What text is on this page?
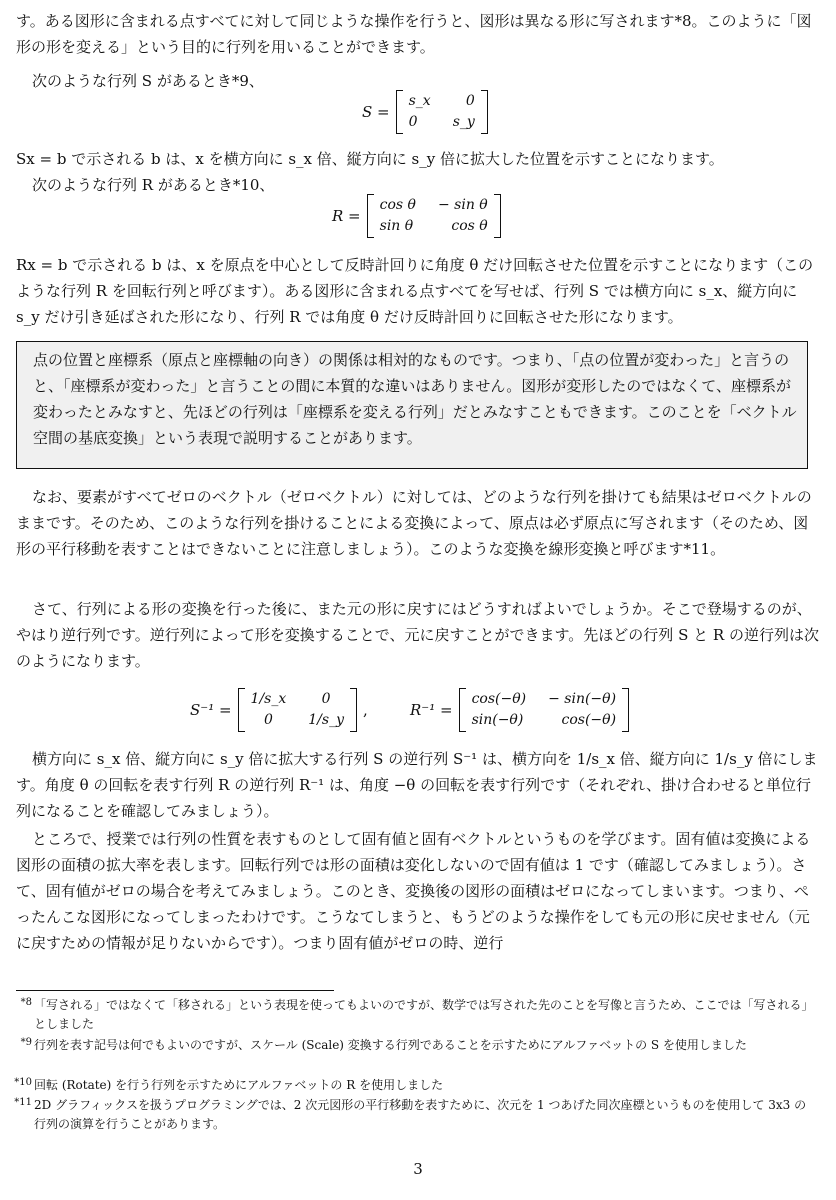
す。ある図形に含まれる点すべてに対して同じような操作を行うと、図形は異なる形に写されます*8。このように「図形の形を変える」という目的に行列を用いることができます。

次のような行列 S があるとき*9、

S =
s_x	0
0	s_y

Sx = b で示される b は、x を横方向に s_x 倍、縦方向に s_y 倍に拡大した位置を示すことになります。

次のような行列 R があるとき*10、

R =
cos θ − sin θ
sin θ	cos θ

Rx = b で示される b は、x を原点を中心として反時計回りに角度 θ だけ回転させた位置を示すことになります（このような行列 R を回転行列と呼びます）。ある図形に含まれる点すべてを写せば、行列 S では横方向に s_x、縦方向に s_y だけ引き延ばされた形になり、行列 R では角度 θ だけ反時計回りに回転させた形になります。

点の位置と座標系（原点と座標軸の向き）の関係は相対的なものです。つまり、「点の位置が変わった」と言うのと、「座標系が変わった」と言うことの間に本質的な違いはありません。図形が変形したのではなくて、座標系が変わったとみなすと、先ほどの行列は「座標系を変える行列」だとみなすこともできます。このことを「ベクトル空間の基底変換」という表現で説明することがあります。

なお、要素がすべてゼロのベクトル（ゼロベクトル）に対しては、どのような行列を掛けても結果はゼロベクトルのままです。そのため、このような行列を掛けることによる変換によって、原点は必ず原点に写されます（そのため、図形の平行移動を表すことはできないことに注意しましょう）。このような変換を線形変換と呼びます*11。

さて、行列による形の変換を行った後に、また元の形に戻すにはどうすればよいでしょうか。そこで登場するのが、やはり逆行列です。逆行列によって形を変換することで、元に戻すことができます。先ほどの行列 S と R の逆行列は次のようになります。

S⁻¹ =
1/s_x	0
0	1/s_y
,	R⁻¹ =
cos(−θ) − sin(−θ)
sin(−θ)	cos(−θ)

横方向に s_x 倍、縦方向に s_y 倍に拡大する行列 S の逆行列 S⁻¹ は、横方向を 1/s_x 倍、縦方向に 1/s_y 倍にします。角度 θ の回転を表す行列 R の逆行列 R⁻¹ は、角度 −θ の回転を表す行列です（それぞれ、掛け合わせると単位行列になることを確認してみましょう）。

ところで、授業では行列の性質を表すものとして固有値と固有ベクトルというものを学びます。固有値は変換による図形の面積の拡大率を表します。回転行列では形の面積は変化しないので固有値は 1 です（確認してみましょう）。さて、固有値がゼロの場合を考えてみましょう。このとき、変換後の図形の面積はゼロになってしまいます。つまり、ぺったんこな図形になってしまったわけです。こうなてしまうと、もうどのような操作をしても元の形に戻せません（元に戻すための情報が足りないからです）。つまり固有値がゼロの時、逆行

*8 「写される」ではなくて「移される」という表現を使ってもよいのですが、数学では写された先のことを写像と言うため、ここでは「写される」としました
*9 行列を表す記号は何でもよいのですが、スケール (Scale) 変換する行列であることを示すためにアルファベットの S を使用しました
*10 回転 (Rotate) を行う行列を示すためにアルファベットの R を使用しました
*11 2D グラフィックスを扱うプログラミングでは、2 次元図形の平行移動を表すために、次元を 1 つあげた同次座標というものを使用して 3x3 の行列の演算を行うことがあります。
3
